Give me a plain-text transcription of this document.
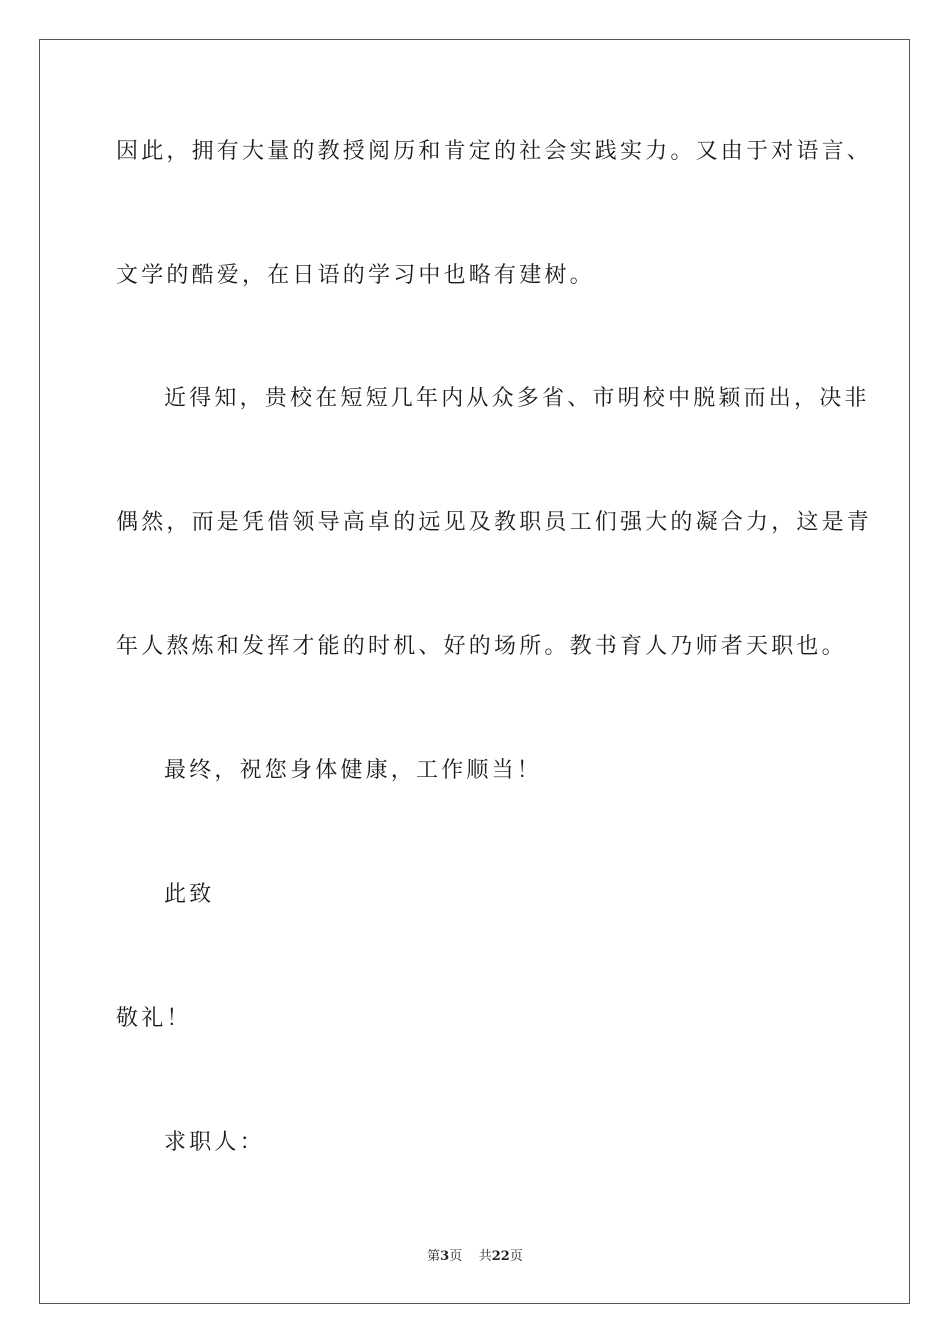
因此，拥有大量的教授阅历和肯定的社会实践实力。又由于对语言、
文学的酷爱，在日语的学习中也略有建树。
近得知，贵校在短短几年内从众多省、市明校中脱颖而出，决非
偶然，而是凭借领导高卓的远见及教职员工们强大的凝合力，这是青
年人熬炼和发挥才能的时机、好的场所。教书育人乃师者天职也。
最终，祝您身体健康，工作顺当！
此致
敬礼！
求职人：
第3页 共22页
